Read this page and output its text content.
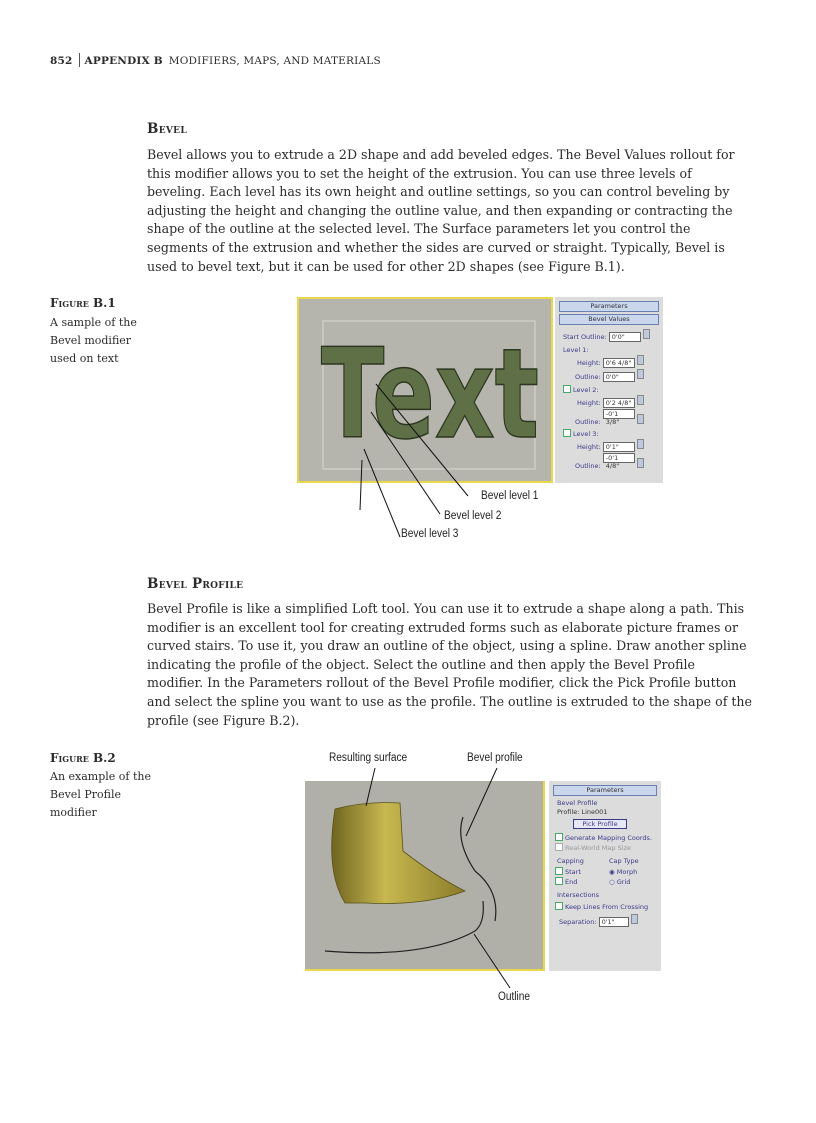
852 APPENDIX B MODIFIERS, MAPS, AND MATERIALS
Bevel

Bevel allows you to extrude a 2D shape and add beveled edges. The Bevel Values rollout for this modifier allows you to set the height of the extrusion. You can use three levels of beveling. Each level has its own height and outline settings, so you can control beveling by adjusting the height and changing the outline value, and then expanding or contracting the shape of the outline at the selected level. The Surface parameters let you control the segments of the extrusion and whether the sides are curved or straight. Typically, Bevel is used to bevel text, but it can be used for other 2D shapes (see Figure B.1).

Figure B.1
A sample of the Bevel modifier used on text	Text
Parameters
Bevel Values
Start Outline: 0'0"
Level 1:
Height: 0'6 4/8"
Outline: 0'0"
Level 2:
Height: 0'2 4/8"
Outline: -0'1 3/8"
Level 3:
Height: 0'1"
Outline: -0'1 4/8"
Bevel level 1
Bevel level 2
Bevel level 3
Bevel Profile

Bevel Profile is like a simplified Loft tool. You can use it to extrude a shape along a path. This modifier is an excellent tool for creating extruded forms such as elaborate picture frames or curved stairs. To use it, you draw an outline of the object, using a spline. Draw another spline indicating the profile of the object. Select the outline and then apply the Bevel Profile modifier. In the Parameters rollout of the Bevel Profile modifier, click the Pick Profile button and select the spline you want to use as the profile. The outline is extruded to the shape of the profile (see Figure B.2).

Figure B.2
An example of the Bevel Profile modifier
Resulting surface	Bevel profile
Parameters
Bevel Profile
Profile: Line001
Pick Profile
Generate Mapping Coords.
Real-World Map Size
Capping	Cap Type
Start	◉ Morph
End	○ Grid
Intersections
Keep Lines From Crossing
Separation: 0'1"
Outline
